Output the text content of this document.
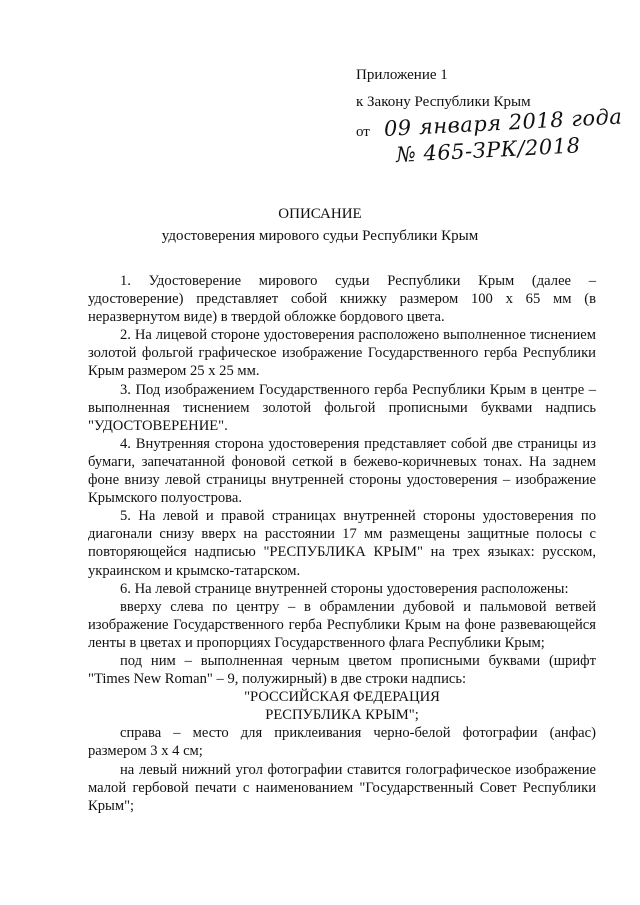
Приложение 1
к Закону Республики Крым
от 09 января 2018 года
№ 465-ЗРК/2018
ОПИСАНИЕ
удостоверения мирового судьи Республики Крым

1. Удостоверение мирового судьи Республики Крым (далее – удостоверение) представляет собой книжку размером 100 х 65 мм (в неразвернутом виде) в твердой обложке бордового цвета.

2. На лицевой стороне удостоверения расположено выполненное тиснением золотой фольгой графическое изображение Государственного герба Республики Крым размером 25 х 25 мм.

3. Под изображением Государственного герба Республики Крым в центре – выполненная тиснением золотой фольгой прописными буквами надпись "УДОСТОВЕРЕНИЕ".

4. Внутренняя сторона удостоверения представляет собой две страницы из бумаги, запечатанной фоновой сеткой в бежево-коричневых тонах. На заднем фоне внизу левой страницы внутренней стороны удостоверения – изображение Крымского полуострова.

5. На левой и правой страницах внутренней стороны удостоверения по диагонали снизу вверх на расстоянии 17 мм размещены защитные полосы с повторяющейся надписью "РЕСПУБЛИКА КРЫМ" на трех языках: русском, украинском и крымско-татарском.

6. На левой странице внутренней стороны удостоверения расположены:

вверху слева по центру – в обрамлении дубовой и пальмовой ветвей изображение Государственного герба Республики Крым на фоне развевающейся ленты в цветах и пропорциях Государственного флага Республики Крым;

под ним – выполненная черным цветом прописными буквами (шрифт "Times New Roman" – 9, полужирный) в две строки надпись:

"РОССИЙСКАЯ ФЕДЕРАЦИЯ

РЕСПУБЛИКА КРЫМ";

справа – место для приклеивания черно-белой фотографии (анфас) размером 3 х 4 см;

на левый нижний угол фотографии ставится голографическое изображение малой гербовой печати с наименованием "Государственный Совет Республики Крым";
